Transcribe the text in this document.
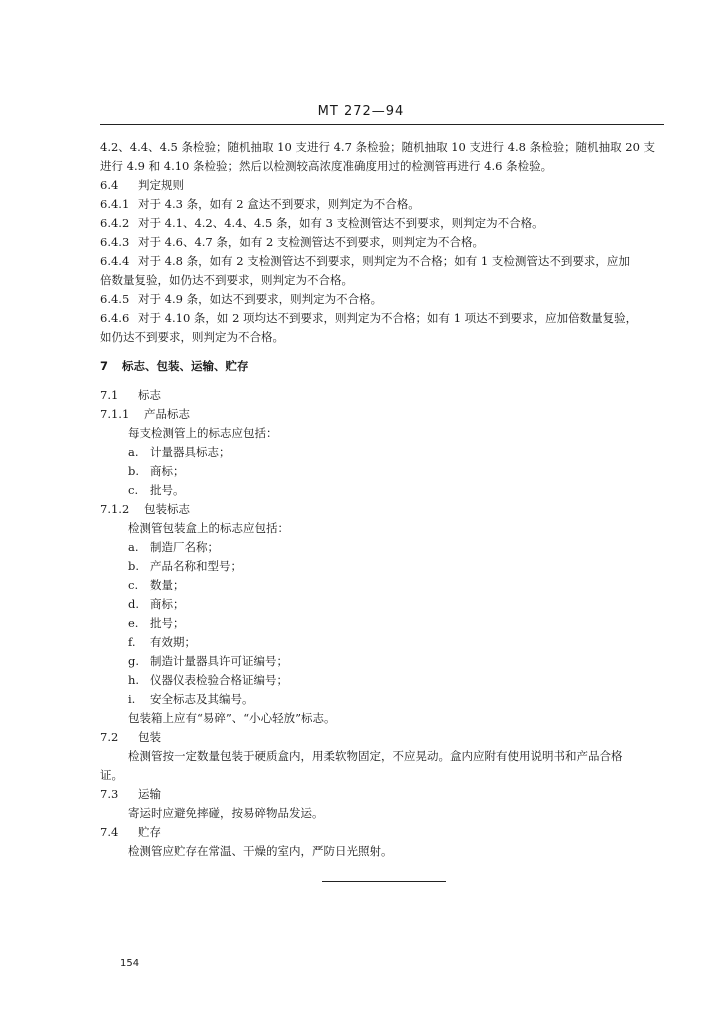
MT 272—94
4.2、4.4、4.5 条检验；随机抽取 10 支进行 4.7 条检验；随机抽取 10 支进行 4.8 条检验；随机抽取 20 支
进行 4.9 和 4.10 条检验；然后以检测较高浓度准确度用过的检测管再进行 4.6 条检验。
6.4 判定规则
6.4.1 对于 4.3 条，如有 2 盒达不到要求，则判定为不合格。
6.4.2 对于 4.1、4.2、4.4、4.5 条，如有 3 支检测管达不到要求，则判定为不合格。
6.4.3 对于 4.6、4.7 条，如有 2 支检测管达不到要求，则判定为不合格。
6.4.4 对于 4.8 条，如有 2 支检测管达不到要求，则判定为不合格；如有 1 支检测管达不到要求，应加
倍数量复验，如仍达不到要求，则判定为不合格。
6.4.5 对于 4.9 条，如达不到要求，则判定为不合格。
6.4.6 对于 4.10 条，如 2 项均达不到要求，则判定为不合格；如有 1 项达不到要求，应加倍数量复验，
如仍达不到要求，则判定为不合格。
7 标志、包装、运输、贮存
7.1 标志
7.1.1 产品标志
每支检测管上的标志应包括：
a. 计量器具标志；
b. 商标；
c. 批号。
7.1.2 包装标志
检测管包装盒上的标志应包括：
a. 制造厂名称；
b. 产品名称和型号；
c. 数量；
d. 商标；
e. 批号；
f. 有效期；
g. 制造计量器具许可证编号；
h. 仪器仪表检验合格证编号；
i. 安全标志及其编号。
包装箱上应有“易碎”、“小心轻放”标志。
7.2 包装
检测管按一定数量包装于硬质盒内，用柔软物固定，不应晃动。盒内应附有使用说明书和产品合格
证。
7.3 运输
寄运时应避免摔碰，按易碎物品发运。
7.4 贮存
检测管应贮存在常温、干燥的室内，严防日光照射。
154
